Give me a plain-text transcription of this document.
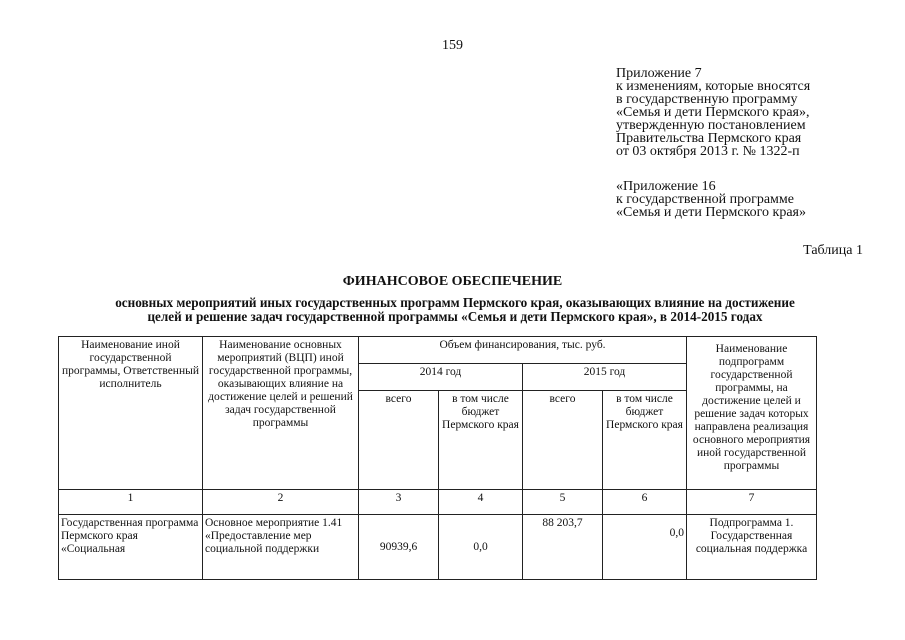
159
Приложение 7
к изменениям, которые вносятся
в государственную программу
«Семья и дети Пермского края»,
утвержденную постановлением
Правительства Пермского края
от 03 октября 2013 г. № 1322-п
«Приложение 16
к государственной программе
«Семья и дети Пермского края»
Таблица 1
ФИНАНСОВОЕ ОБЕСПЕЧЕНИЕ
основных мероприятий иных государственных программ Пермского края, оказывающих влияние на достижение
целей и решение задач государственной программы «Семья и дети Пермского края», в 2014-2015 годах
Наименование иной государственной программы, Ответственный исполнитель	Наименование основных мероприятий (ВЦП) иной государственной программы, оказывающих влияние на достижение целей и решений задач государственной программы	Объем финансирования, тыс. руб.				Наименование подпрограмм государственной программы, на достижение целей и решение задач которых направлена реализация основного мероприятия иной государственной программы
		2014 год		2015 год		
		всего	в том числе бюджет Пермского края	всего	в том числе бюджет Пермского края	
1	2	3	4	5	6	7
Государственная программа Пермского края «Социальная	Основное мероприятие 1.41 «Предоставление мер социальной поддержки	90939,6	0,0	88 203,7	0,0	Подпрограмма 1. Государственная социальная поддержка
